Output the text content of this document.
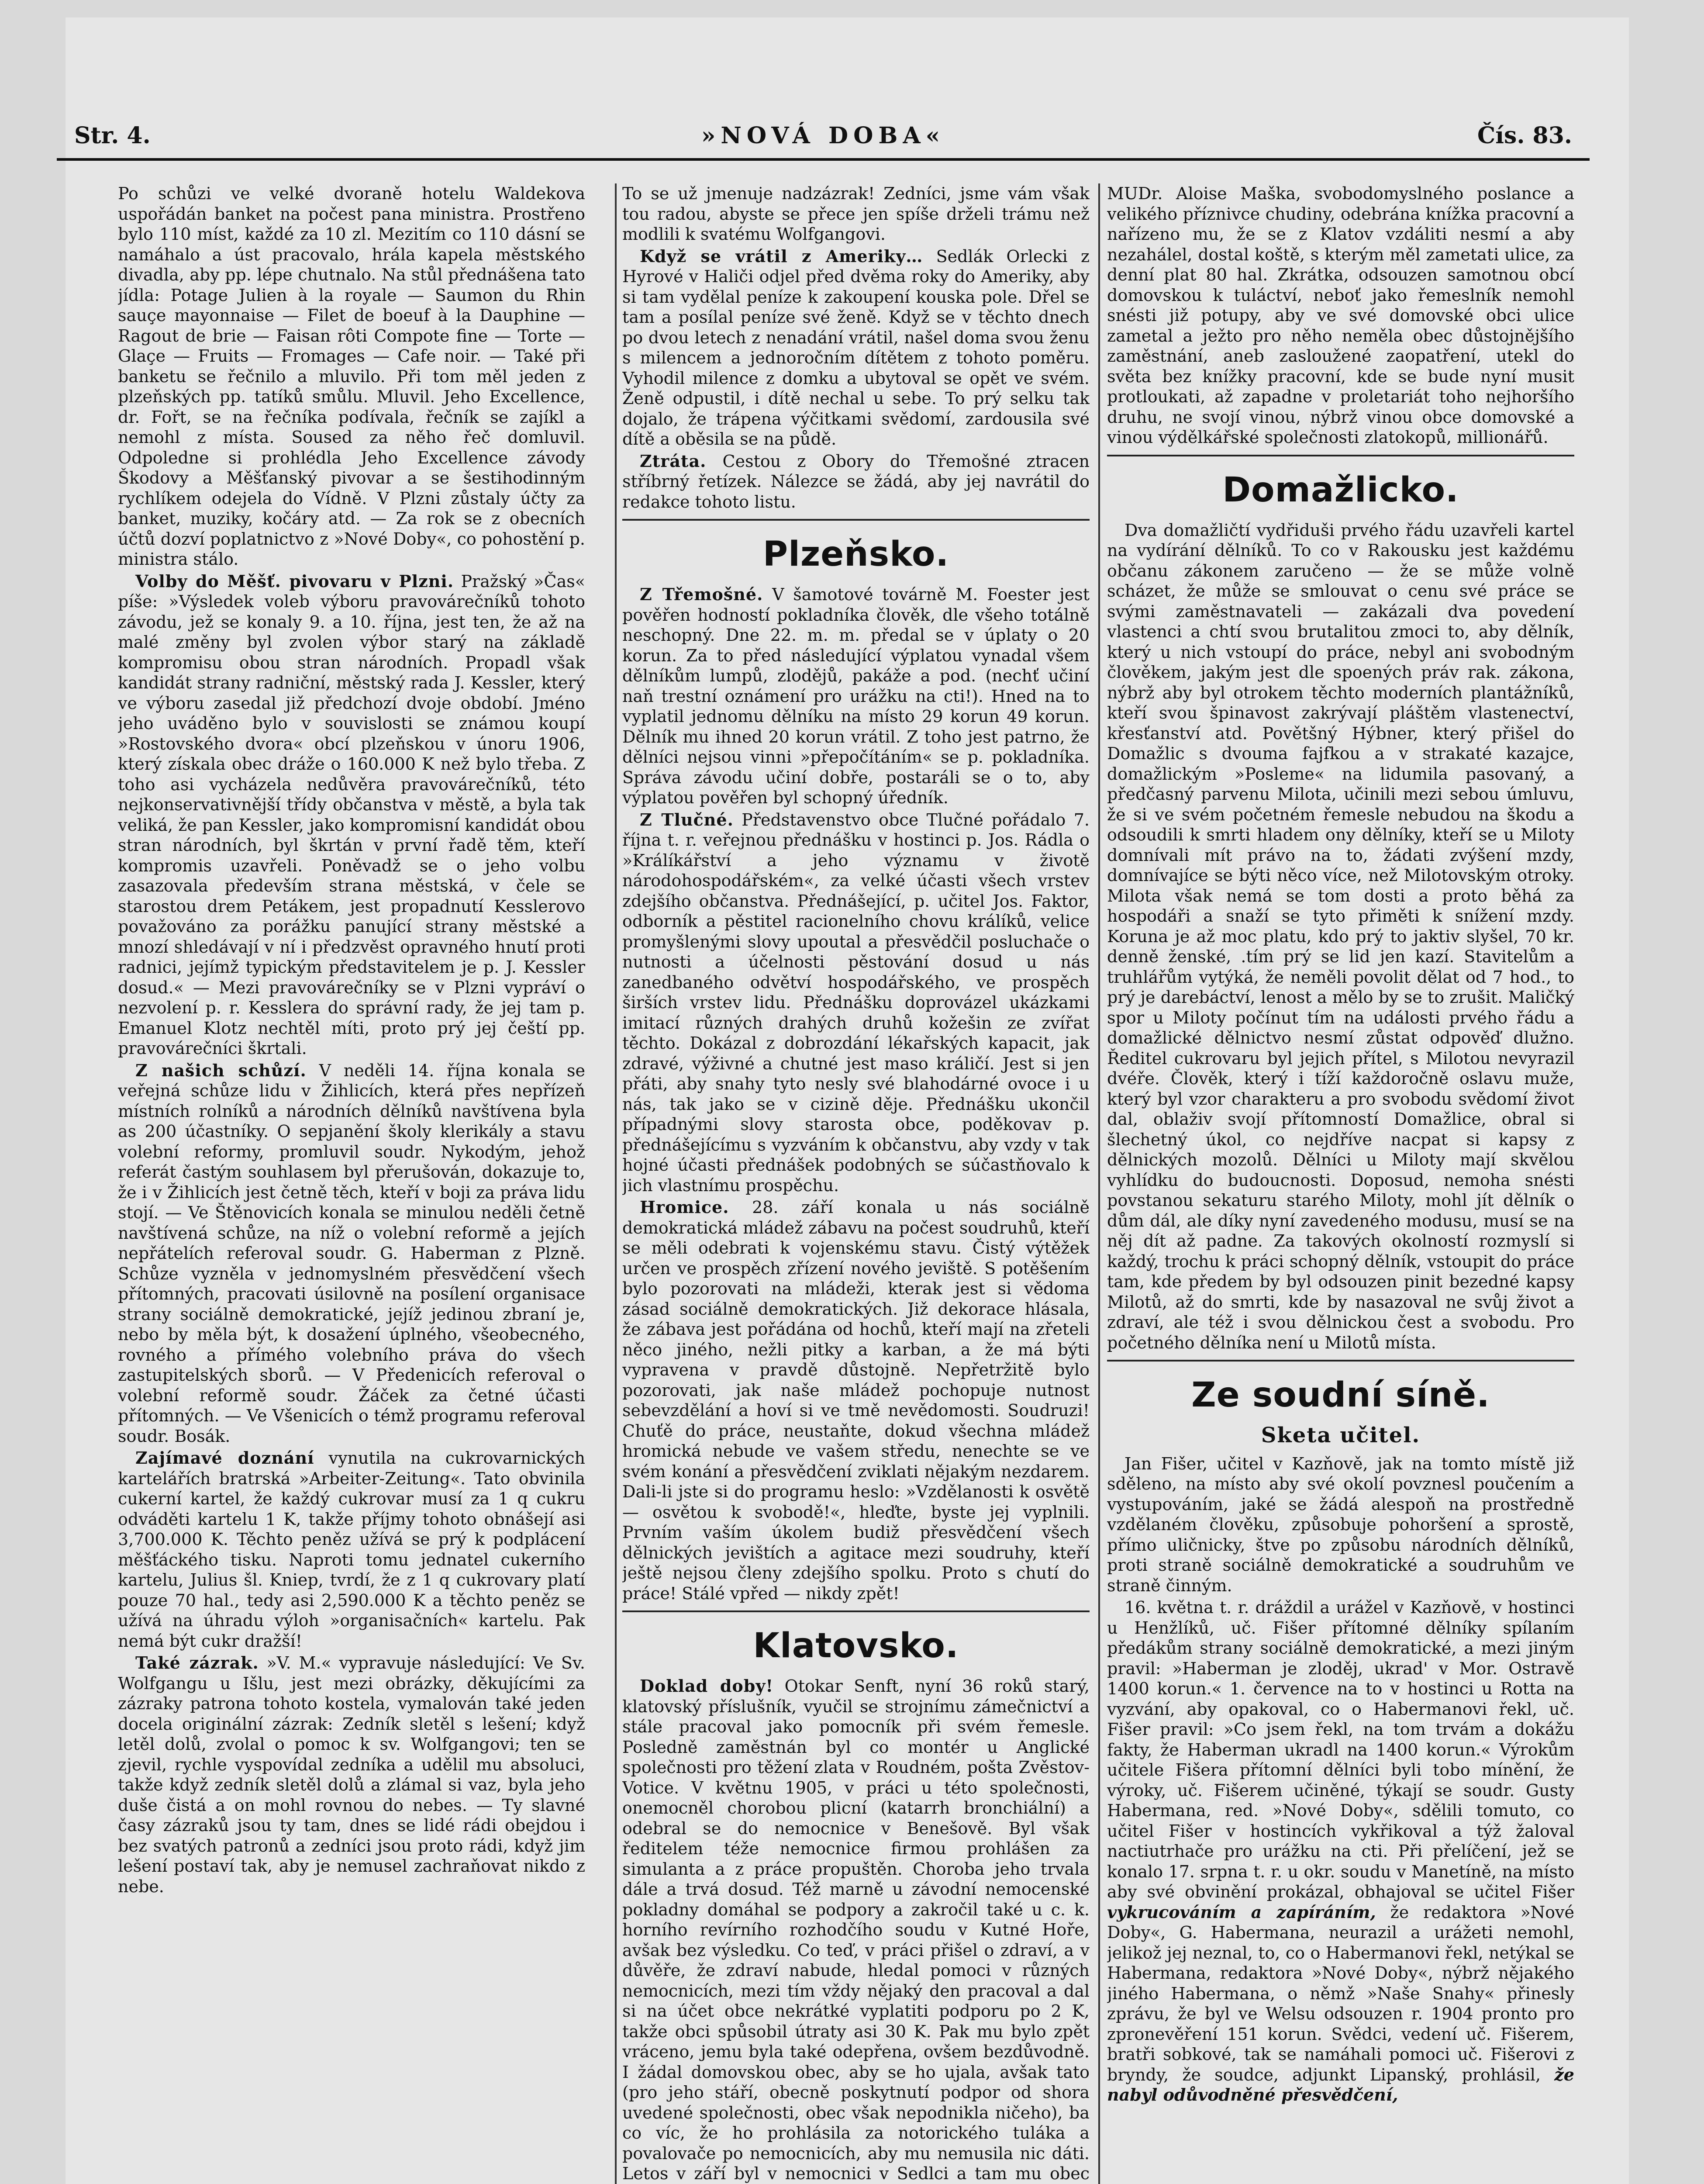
Str. 4.	»NOVÁ DOBA«	Čís. 83.

Po schůzi ve velké dvoraně hotelu Waldekova uspořádán banket na počest pana ministra. Prostřeno bylo 110 míst, každé za 10 zl. Mezitím co 110 dásní se namáhalo a úst pracovalo, hrála kapela městského divadla, aby pp. lépe chutnalo. Na stůl přednášena tato jídla: Potage Julien à la royale — Saumon du Rhin sauçe mayonnaise — Filet de boeuf à la Dauphine — Ragout de brie — Faisan rôti Compote fine — Torte — Glaçe — Fruits — Fromages — Cafe noir. — Také při banketu se řečnilo a mluvilo. Při tom měl jeden z plzeňských pp. tatíků smůlu. Mluvil. Jeho Excellence, dr. Fořt, se na řečníka podívala, řečník se zajíkl a nemohl z místa. Soused za něho řeč domluvil. Odpoledne si prohlédla Jeho Excellence závody Škodovy a Měšťanský pivovar a se šestihodinným rychlíkem odejela do Vídně. V Plzni zůstaly účty za banket, muziky, kočáry atd. — Za rok se z obecních účtů dozví poplatnictvo z »Nové Doby«, co pohostění p. ministra stálo.

Volby do Měšť. pivovaru v Plzni. Pražský »Čas« píše: »Výsledek voleb výboru pravovárečníků tohoto závodu, jež se konaly 9. a 10. října, jest ten, že až na malé změny byl zvolen výbor starý na základě kompromisu obou stran národních. Propadl však kandidát strany radniční, městský rada J. Kessler, který ve výboru zasedal již předchozí dvoje období. Jméno jeho uváděno bylo v souvislosti se známou koupí »Rostovského dvora« obcí plzeňskou v únoru 1906, který získala obec dráže o 160.000 K než bylo třeba. Z toho asi vycházela nedůvěra pravovárečníků, této nejkonservativnější třídy občanstva v městě, a byla tak veliká, že pan Kessler, jako kompromisní kandidát obou stran národních, byl škrtán v první řadě těm, kteří kompromis uzavřeli. Poněvadž se o jeho volbu zasazovala především strana městská, v čele se starostou drem Petákem, jest propadnutí Kesslerovo považováno za porážku panující strany městské a mnozí shledávají v ní i předzvěst opravného hnutí proti radnici, jejímž typickým představitelem je p. J. Kessler dosud.« — Mezi pravovárečníky se v Plzni vypráví o nezvolení p. r. Kesslera do správní rady, že jej tam p. Emanuel Klotz nechtěl míti, proto prý jej čeští pp. pravovárečníci škrtali.

Z našich schůzí. V neděli 14. října konala se veřejná schůze lidu v Žihlicích, která přes nepřízeň místních rolníků a národních dělníků navštívena byla as 200 účastníky. O sepjanění školy klerikály a stavu volební reformy, promluvil soudr. Nykodým, jehož referát častým souhlasem byl přerušován, dokazuje to, že i v Žihlicích jest četně těch, kteří v boji za práva lidu stojí. — Ve Štěnovicích konala se minulou neděli četně navštívená schůze, na níž o volební reformě a jejích nepřátelích referoval soudr. G. Haberman z Plzně. Schůze vyzněla v jednomyslném přesvědčení všech přítomných, pracovati úsilovně na posílení organisace strany sociálně demokratické, jejíž jedinou zbraní je, nebo by měla být, k dosažení úplného, všeobecného, rovného a přímého volebního práva do všech zastupitelských sborů. — V Předenicích referoval o volební reformě soudr. Žáček za četné účasti přítomných. — Ve Všenicích o témž programu referoval soudr. Bosák.

Zajímavé doznání vynutila na cukrovarnických kartelářích bratrská »Arbeiter-Zeitung«. Tato obvinila cukerní kartel, že každý cukrovar musí za 1 q cukru odváděti kartelu 1 K, takže příjmy tohoto obnášejí asi 3,700.000 K. Těchto peněz užívá se prý k podplácení měšťáckého tisku. Naproti tomu jednatel cukerního kartelu, Julius šl. Kniep, tvrdí, že z 1 q cukrovary platí pouze 70 hal., tedy asi 2,590.000 K a těchto peněz se užívá na úhradu výloh »organisačních« kartelu. Pak nemá být cukr dražší!

Také zázrak. »V. M.« vypravuje následující: Ve Sv. Wolfgangu u Išlu, jest mezi obrázky, děkujícími za zázraky patrona tohoto kostela, vymalován také jeden docela originální zázrak: Zedník sletěl s lešení; když letěl dolů, zvolal o pomoc k sv. Wolfgangovi; ten se zjevil, rychle vyspovídal zedníka a udělil mu absoluci, takže když zedník sletěl dolů a zlámal si vaz, byla jeho duše čistá a on mohl rovnou do nebes. — Ty slavné časy zázraků jsou ty tam, dnes se lidé rádi obejdou i bez svatých patronů a zedníci jsou proto rádi, když jim lešení postaví tak, aby je nemusel zachraňovat nikdo z nebe.

To se už jmenuje nadzázrak! Zedníci, jsme vám však tou radou, abyste se přece jen spíše drželi trámu než modlili k svatému Wolfgangovi.

Když se vrátil z Ameriky… Sedlák Orlecki z Hyrové v Haliči odjel před dvěma roky do Ameriky, aby si tam vydělal peníze k zakoupení kouska pole. Dřel se tam a posílal peníze své ženě. Když se v těchto dnech po dvou letech z nenadání vrátil, našel doma svou ženu s milencem a jednoročním dítětem z tohoto poměru. Vyhodil milence z domku a ubytoval se opět ve svém. Ženě odpustil, i dítě nechal u sebe. To prý selku tak dojalo, že trápena výčitkami svědomí, zardousila své dítě a oběsila se na půdě.

Ztráta. Cestou z Obory do Třemošné ztracen stříbrný řetízek. Nálezce se žádá, aby jej navrátil do redakce tohoto listu.

Plzeňsko.

Z Třemošné. V šamotové továrně M. Foester jest pověřen hodností pokladníka člověk, dle všeho totálně neschopný. Dne 22. m. m. předal se v úplaty o 20 korun. Za to před následující výplatou vynadal všem dělníkům lumpů, zlodějů, pakáže a pod. (nechť učiní naň trestní oznámení pro urážku na cti!). Hned na to vyplatil jednomu dělníku na místo 29 korun 49 korun. Dělník mu ihned 20 korun vrátil. Z toho jest patrno, že dělníci nejsou vinni »přepočítáním« se p. pokladníka. Správa závodu učiní dobře, postaráli se o to, aby výplatou pověřen byl schopný úředník.

Z Tlučné. Představenstvo obce Tlučné pořádalo 7. října t. r. veřejnou přednášku v hostinci p. Jos. Rádla o »Králíkářství a jeho významu v životě národohospodářském«, za velké účasti všech vrstev zdejšího občanstva. Přednášející, p. učitel Jos. Faktor, odborník a pěstitel racionelního chovu králíků, velice promyšlenými slovy upoutal a přesvědčil posluchače o nutnosti a účelnosti pěstování dosud u nás zanedbaného odvětví hospodářského, ve prospěch širších vrstev lidu. Přednášku doprovázel ukázkami imitací různých drahých druhů kožešin ze zvířat těchto. Dokázal z dobrozdání lékařských kapacit, jak zdravé, výživné a chutné jest maso králičí. Jest si jen přáti, aby snahy tyto nesly své blahodárné ovoce i u nás, tak jako se v cizině děje. Přednášku ukončil případnými slovy starosta obce, poděkovav p. přednášejícímu s vyzváním k občanstvu, aby vzdy v tak hojné účasti přednášek podobných se súčastňovalo k jich vlastnímu prospěchu.

Hromice. 28. září konala u nás sociálně demokratická mládež zábavu na počest soudruhů, kteří se měli odebrati k vojenskému stavu. Čistý výtěžek určen ve prospěch zřízení nového jeviště. S potěšením bylo pozorovati na mládeži, kterak jest si vědoma zásad sociálně demokratických. Již dekorace hlásala, že zábava jest pořádána od hochů, kteří mají na zřeteli něco jiného, nežli pitky a karban, a že má býti vypravena v pravdě důstojně. Nepřetržitě bylo pozorovati, jak naše mládež pochopuje nutnost sebevzdělání a hoví si ve tmě nevědomosti. Soudruzi! Chuťě do práce, neustaňte, dokud všechna mládež hromická nebude ve vašem středu, nenechte se ve svém konání a přesvědčení zviklati nějakým nezdarem. Dali-li jste si do programu heslo: »Vzdělanosti k osvětě — osvětou k svobodě!«, hleďte, byste jej vyplnili. Prvním vaším úkolem budiž přesvědčení všech dělnických jevištích a agitace mezi soudruhy, kteří ještě nejsou členy zdejšího spolku. Proto s chutí do práce! Stálé vpřed — nikdy zpět!

Klatovsko.

Doklad doby! Otokar Senft, nyní 36 roků starý, klatovský příslušník, vyučil se strojnímu zámečnictví a stále pracoval jako pomocník při svém řemesle. Posledně zaměstnán byl co montér u Anglické společnosti pro těžení zlata v Roudném, pošta Zvěstov-Votice. V květnu 1905, v práci u této společnosti, onemocněl chorobou plicní (katarrh bronchiální) a odebral se do nemocnice v Benešově. Byl však ředitelem téže nemocnice firmou prohlášen za simulanta a z práce propuštěn. Choroba jeho trvala dále a trvá dosud. Též marně u závodní nemocenské pokladny domáhal se podpory a zakročil také u c. k. horního revírního rozhodčího soudu v Kutné Hoře, avšak bez výsledku. Co teď, v práci přišel o zdraví, a v důvěře, že zdraví nabude, hledal pomoci v různých nemocnicích, mezi tím vždy nějaký den pracoval a dal si na účet obce nekrátké vyplatiti podporu po 2 K, takže obci spůsobil útraty asi 30 K. Pak mu bylo zpět vráceno, jemu byla také odepřena, ovšem bezdůvodně. I žádal domovskou obec, aby se ho ujala, avšak tato (pro jeho stáří, obecně poskytnutí podpor od shora uvedené společnosti, obec však nepodnikla ničeho), ba co víc, že ho prohlásila za notorického tuláka a povalovače po nemocnicích, aby mu nemusila nic dáti. Letos v září byl v nemocnici v Sedlci a tam mu obec

MUDr. Aloise Maška, svobodomyslného poslance a velikého příznivce chudiny, odebrána knížka pracovní a nařízeno mu, že se z Klatov vzdáliti nesmí a aby nezahálel, dostal koště, s kterým měl zametati ulice, za denní plat 80 hal. Zkrátka, odsouzen samotnou obcí domovskou k tuláctví, neboť jako řemeslník nemohl snésti již potupy, aby ve své domovské obci ulice zametal a ježto pro něho neměla obec důstojnějšího zaměstnání, aneb zasloužené zaopatření, utekl do světa bez knížky pracovní, kde se bude nyní musit protloukati, až zapadne v proletariát toho nejhoršího druhu, ne svojí vinou, nýbrž vinou obce domovské a vinou výdělkářské společnosti zlatokopů, millionářů.

Domažlicko.

Dva domažličtí vydřiduši prvého řádu uzavřeli kartel na vydírání dělníků. To co v Rakousku jest každému občanu zákonem zaručeno — že se může volně scházet, že může se smlouvat o cenu své práce se svými zaměstnavateli — zakázali dva povedení vlastenci a chtí svou brutalitou zmoci to, aby dělník, který u nich vstoupí do práce, nebyl ani svobodným člověkem, jakým jest dle spoených práv rak. zákona, nýbrž aby byl otrokem těchto moderních plantážníků, kteří svou špinavost zakrývají pláštěm vlastenectví, křesťanství atd. Povětšný Hýbner, který přišel do Domažlic s dvouma fajfkou a v strakaté kazajce, domažlickým »Posleme« na lidumila pasovaný, a předčasný parvenu Milota, učinili mezi sebou úmluvu, že si ve svém početném řemesle nebudou na škodu a odsoudili k smrti hladem ony dělníky, kteří se u Miloty domnívali mít právo na to, žádati zvýšení mzdy, domnívajíce se býti něco více, než Milotovským otroky. Milota však nemá se tom dosti a proto běhá za hospodáři a snaží se tyto přiměti k snížení mzdy. Koruna je až moc platu, kdo prý to jaktiv slyšel, 70 kr. denně ženské, .tím prý se lid jen kazí. Stavitelům a truhlářům vytýká, že neměli povolit dělat od 7 hod., to prý je darebáctví, lenost a mělo by se to zrušit. Maličký spor u Miloty počínut tím na události prvého řádu a domažlické dělnictvo nesmí zůstat odpověď dlužno. Ředitel cukrovaru byl jejich přítel, s Milotou nevyrazil dvéře. Člověk, který i tíží každoročně oslavu muže, který byl vzor charakteru a pro svobodu svědomí život dal, oblaživ svojí přítomností Domažlice, obral si šlechetný úkol, co nejdříve nacpat si kapsy z dělnických mozolů. Dělníci u Miloty mají skvělou vyhlídku do budoucnosti. Doposud, nemoha snésti povstanou sekaturu starého Miloty, mohl jít dělník o dům dál, ale díky nyní zavedeného modusu, musí se na něj dít až padne. Za takových okolností rozmyslí si každý, trochu k práci schopný dělník, vstoupit do práce tam, kde předem by byl odsouzen pinit bezedné kapsy Milotů, až do smrti, kde by nasazoval ne svůj život a zdraví, ale též i svou dělnickou čest a svobodu. Pro početného dělníka není u Milotů místa.

Ze soudní síně.
Sketa učitel.

Jan Fišer, učitel v Kazňově, jak na tomto místě již sděleno, na místo aby své okolí povznesl poučením a vystupováním, jaké se žádá alespoň na prostředně vzdělaném člověku, způsobuje pohoršení a sprostě, přímo uličnicky, štve po způsobu národních dělníků, proti straně sociálně demokratické a soudruhům ve straně činným.

16. května t. r. dráždil a urážel v Kazňově, v hostinci u Henžlíků, uč. Fišer přítomné dělníky spílaním předákům strany sociálně demokratické, a mezi jiným pravil: »Haberman je zloděj, ukrad' v Mor. Ostravě 1400 korun.« 1. července na to v hostinci u Rotta na vyzvání, aby opakoval, co o Habermanovi řekl, uč. Fišer pravil: »Co jsem řekl, na tom trvám a dokážu fakty, že Haberman ukradl na 1400 korun.« Výrokům učitele Fišera přítomní dělníci byli tobo mínění, že výroky, uč. Fišerem učiněné, týkají se soudr. Gusty Habermana, red. »Nové Doby«, sdělili tomuto, co učitel Fišer v hostincích vykřikoval a týž žaloval nactiutrhače pro urážku na cti. Při přelíčení, jež se konalo 17. srpna t. r. u okr. soudu v Manetíně, na místo aby své obvinění prokázal, obhajoval se učitel Fišer vykrucováním a zapíráním, že redaktora »Nové Doby«, G. Habermana, neurazil a urážeti nemohl, jelikož jej neznal, to, co o Habermanovi řekl, netýkal se Habermana, redaktora »Nové Doby«, nýbrž nějakého jiného Habermana, o němž »Naše Snahy« přinesly zprávu, že byl ve Welsu odsouzen r. 1904 pronto pro zpronevěření 151 korun. Svědci, vedení uč. Fišerem, bratři sobkové, tak se namáhali pomoci uč. Fišerovi z bryndy, že soudce, adjunkt Lipanský, prohlásil, že nabyl odůvodněné přesvědčení,
